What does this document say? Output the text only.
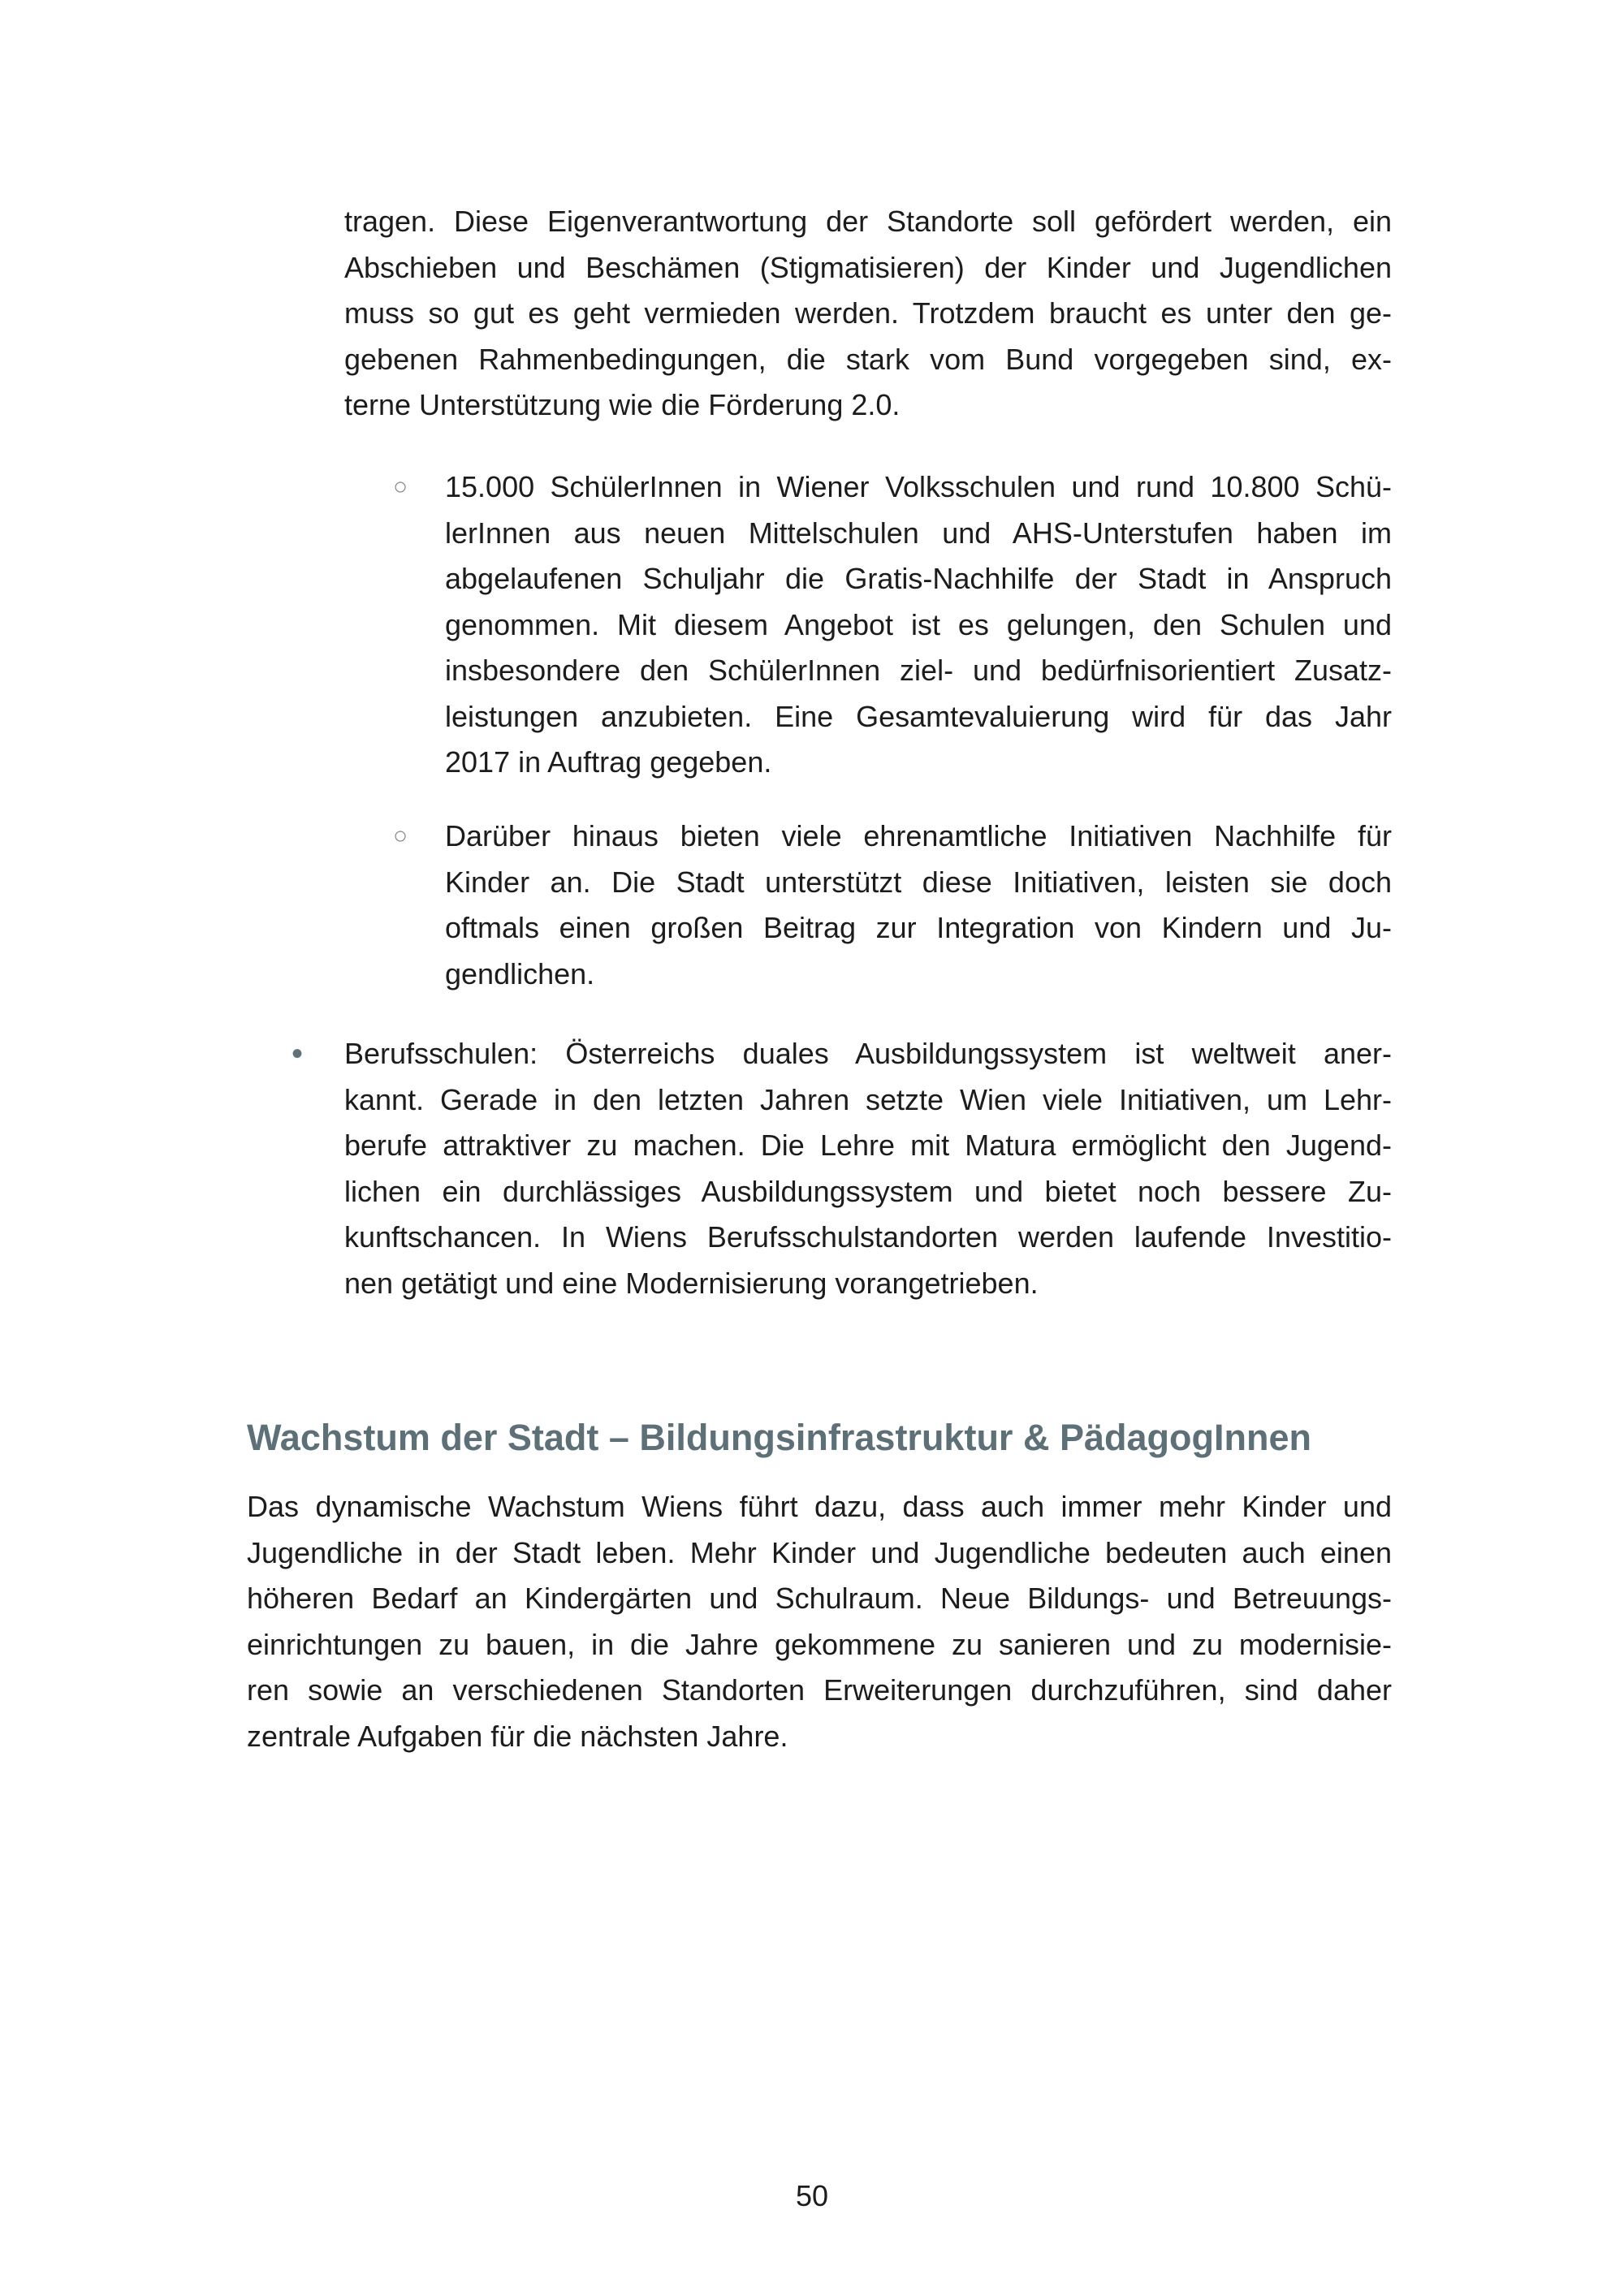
tragen. Diese Eigenverantwortung der Standorte soll gefördert werden, ein
Abschieben und Beschämen (Stigmatisieren) der Kinder und Jugendlichen
muss so gut es geht vermieden werden. Trotzdem braucht es unter den ge-
gebenen Rahmenbedingungen, die stark vom Bund vorgegeben sind, ex-
terne Unterstützung wie die Förderung 2.0.
○ 15.000 SchülerInnen in Wiener Volksschulen und rund 10.800 Schü-
lerInnen aus neuen Mittelschulen und AHS-Unterstufen haben im
abgelaufenen Schuljahr die Gratis-Nachhilfe der Stadt in Anspruch
genommen. Mit diesem Angebot ist es gelungen, den Schulen und
insbesondere den SchülerInnen ziel- und bedürfnisorientiert Zusatz-
leistungen anzubieten. Eine Gesamtevaluierung wird für das Jahr
2017 in Auftrag gegeben.
○ Darüber hinaus bieten viele ehrenamtliche Initiativen Nachhilfe für
Kinder an. Die Stadt unterstützt diese Initiativen, leisten sie doch
oftmals einen großen Beitrag zur Integration von Kindern und Ju-
gendlichen.
• Berufsschulen: Österreichs duales Ausbildungssystem ist weltweit aner-
kannt. Gerade in den letzten Jahren setzte Wien viele Initiativen, um Lehr-
berufe attraktiver zu machen. Die Lehre mit Matura ermöglicht den Jugend-
lichen ein durchlässiges Ausbildungssystem und bietet noch bessere Zu-
kunftschancen. In Wiens Berufsschulstandorten werden laufende Investitio-
nen getätigt und eine Modernisierung vorangetrieben.
Wachstum der Stadt – Bildungsinfrastruktur & PädagogInnen
Das dynamische Wachstum Wiens führt dazu, dass auch immer mehr Kinder und
Jugendliche in der Stadt leben. Mehr Kinder und Jugendliche bedeuten auch einen
höheren Bedarf an Kindergärten und Schulraum. Neue Bildungs- und Betreuungs-
einrichtungen zu bauen, in die Jahre gekommene zu sanieren und zu modernisie-
ren sowie an verschiedenen Standorten Erweiterungen durchzuführen, sind daher
zentrale Aufgaben für die nächsten Jahre.

50
